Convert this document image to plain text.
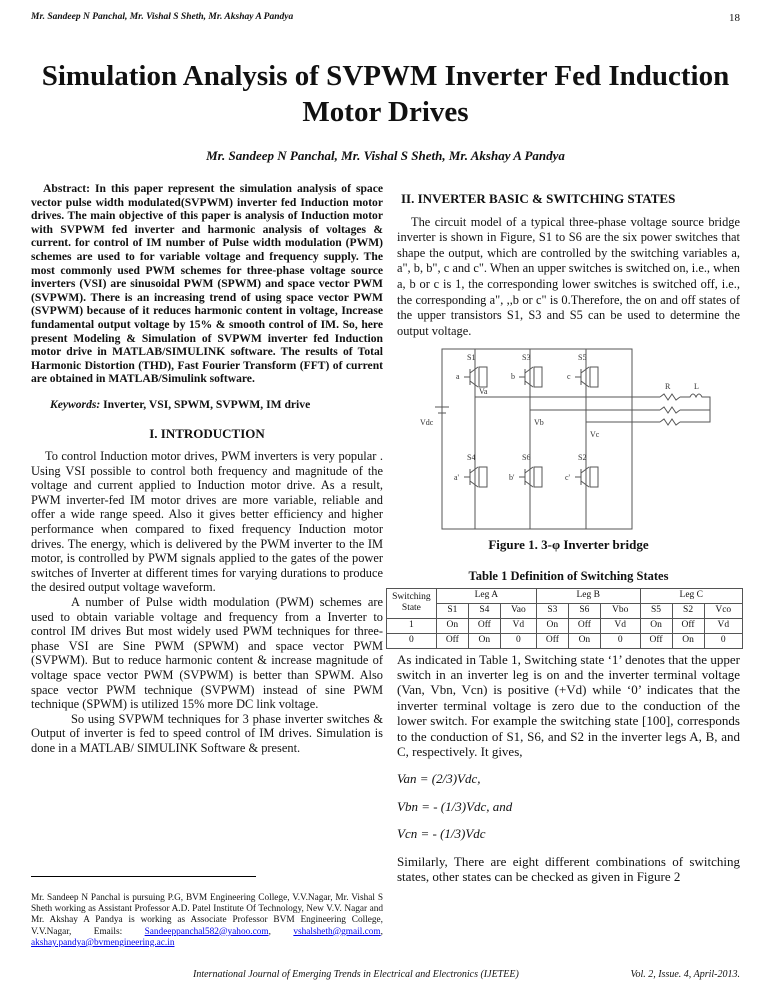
Mr. Sandeep N Panchal, Mr. Vishal S Sheth, Mr. Akshay A Pandya	18
Simulation Analysis of SVPWM Inverter Fed Induction Motor Drives
Mr. Sandeep N Panchal, Mr. Vishal S Sheth, Mr. Akshay A Pandya
Abstract: In this paper represent the simulation analysis of space vector pulse width modulated(SVPWM) inverter fed Induction motor drives. The main objective of this paper is analysis of Induction motor with SVPWM fed inverter and harmonic analysis of voltages & current. for control of IM number of Pulse width modulation (PWM) schemes are used to for variable voltage and frequency supply. The most commonly used PWM schemes for three-phase voltage source inverters (VSI) are sinusoidal PWM (SPWM) and space vector PWM (SVPWM). There is an increasing trend of using space vector PWM (SVPWM) because of it reduces harmonic content in voltage, Increase fundamental output voltage by 15% & smooth control of IM. So, here present Modeling & Simulation of SVPWM inverter fed Induction motor drive in MATLAB/SIMULINK software. The results of Total Harmonic Distortion (THD), Fast Fourier Transform (FFT) of current are obtained in MATLAB/Simulink software.
Keywords: Inverter, VSI, SPWM, SVPWM, IM drive
I. INTRODUCTION

To control Induction motor drives, PWM inverters is very popular . Using VSI possible to control both frequency and magnitude of the voltage and current applied to Induction motor drive. As a result, PWM inverter-fed IM motor drives are more variable, reliable and offer a wide range speed. Also it gives better efficiency and higher performance when compared to fixed frequency Induction motor drives. The energy, which is delivered by the PWM inverter to the IM motor, is controlled by PWM signals applied to the gates of the power switches of Inverter at different times for varying durations to produce the desired output voltage waveform.

A number of Pulse width modulation (PWM) schemes are used to obtain variable voltage and frequency from a Inverter to control IM drives But most widely used PWM techniques for three-phase VSI are Sine PWM (SPWM) and space vector PWM (SVPWM). But to reduce harmonic content & increase magnitude of voltage space vector PWM (SVPWM) is better than SPWM. Also space vector PWM technique (SVPWM) instead of sine PWM technique (SPWM) is utilized 15% more DC link voltage.

So using SVPWM techniques for 3 phase inverter switches & Output of inverter is fed to speed control of IM drives. Simulation is done in a MATLAB/ SIMULINK Software & present.

Mr. Sandeep N Panchal is pursuing P.G, BVM Engineering College, V.V.Nagar, Mr. Vishal S Sheth working as Assistant Professor A.D. Patel Institute Of Technology, New V.V. Nagar and Mr. Akshay A Pandya is working as Associate Professor BVM Engineering College, V.V.Nagar, Emails: Sandeeppanchal582@yahoo.com, vshalsheth@gmail.com, akshay.pandya@bvmengineering.ac.in
II. INVERTER BASIC & SWITCHING STATES

The circuit model of a typical three-phase voltage source bridge inverter is shown in Figure, S1 to S6 are the six power switches that shape the output, which are controlled by the switching variables a, a", b, b", c and c". When an upper switches is switched on, i.e., when a, b or c is 1, the corresponding lower switches is switched off, i.e., the corresponding a", ,,b or c" is 0.Therefore, the on and off states of the upper transistors S1, S3 and S5 can be used to determine the output voltage.

S1	S3	S5
a	b	c
Va
Vb
Vc
Vdc
S4	S6	S2
a'	b'	c'
R	L
Figure 1. 3-φ Inverter bridge
Table 1 Definition of Switching States
Switching State	Leg A			Leg B			Leg C		
	S1	S4	Vao	S3	S6	Vbo	S5	S2	Vco
1	On	Off	Vd	On	Off	Vd	On	Off	Vd
0	Off	On	0	Off	On	0	Off	On	0

As indicated in Table 1, Switching state ‘1’ denotes that the upper switch in an inverter leg is on and the inverter terminal voltage (Van, Vbn, Vcn) is positive (+Vd) while ‘0’ indicates that the inverter terminal voltage is zero due to the conduction of the lower switch. For example the switching state [100], corresponds to the conduction of S1, S6, and S2 in the inverter legs A, B, and C, respectively. It gives,

Van = (2/3)Vdc,

Vbn = - (1/3)Vdc, and

Vcn = - (1/3)Vdc

Similarly, There are eight different combinations of switching states, other states can be checked as given in Figure 2

International Journal of Emerging Trends in Electrical and Electronics (IJETEE)	Vol. 2, Issue. 4, April-2013.
